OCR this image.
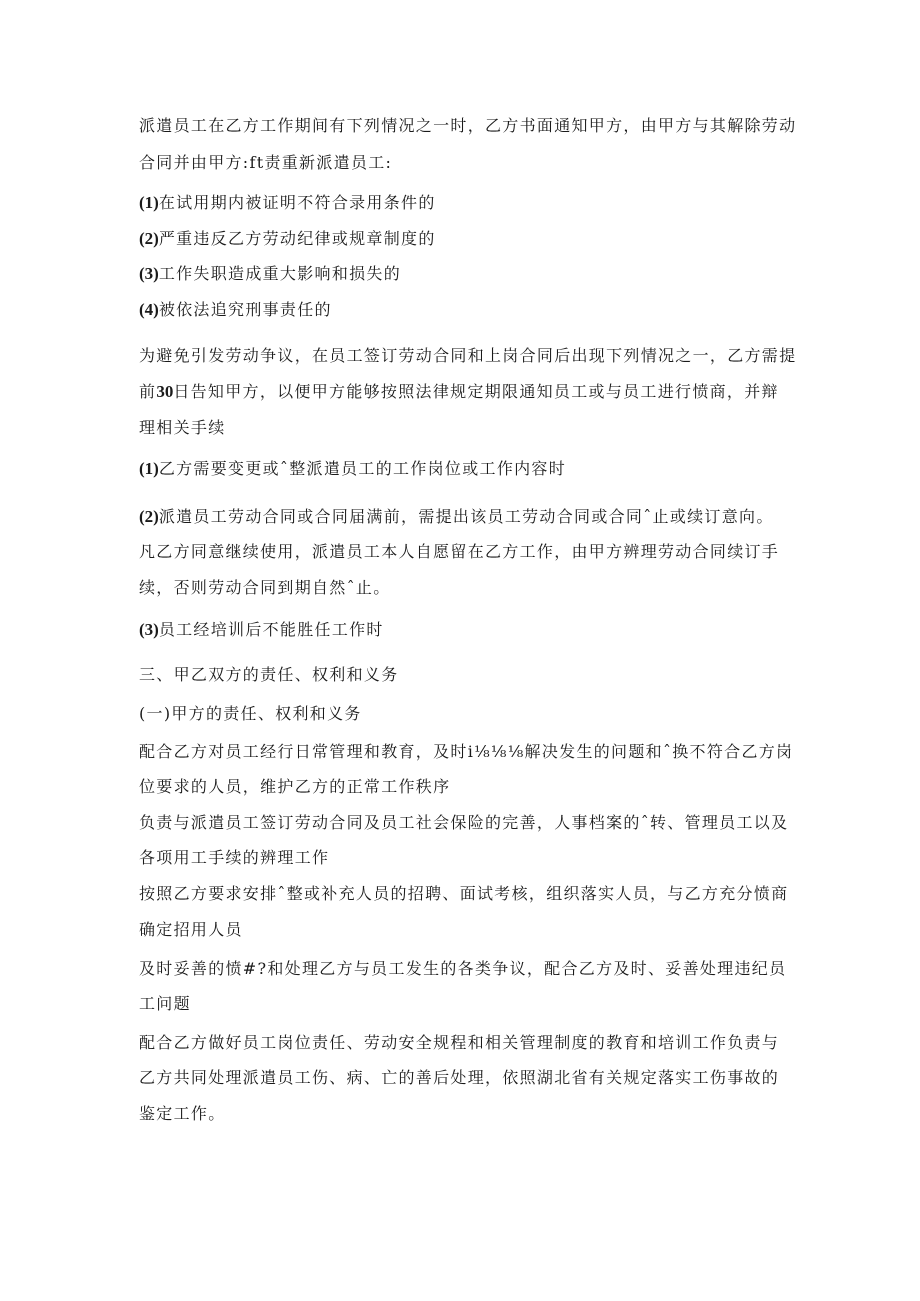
派遣员工在乙方工作期间有下列情况之一时，乙方书面通知甲方，由甲方与其解除劳动
合同并由甲方:ft责重新派遣员工:
(1)在试用期内被证明不符合录用条件的
(2)严重违反乙方劳动纪律或规章制度的
(3)工作失职造成重大影响和损失的
(4)被依法追究刑事责任的
为避免引发劳动争议，在员工签订劳动合同和上岗合同后出现下列情况之一，乙方需提
前30日告知甲方，以便甲方能够按照法律规定期限通知员工或与员工进行愤商，并辩
理相关手续
(1)乙方需要变更或ˆ整派遣员工的工作岗位或工作内容时
(2)派遣员工劳动合同或合同届满前，需提出该员工劳动合同或合同ˆ止或续订意向。
凡乙方同意继续使用，派遣员工本人自愿留在乙方工作，由甲方辨理劳动合同续订手
续，否则劳动合同到期自然ˆ止。
(3)员工经培训后不能胜任工作时
三、甲乙双方的责任、权利和义务
(一)甲方的责任、权利和义务
配合乙方对员工经行日常管理和教育，及时i⅛⅛⅛解决发生的问题和ˆ换不符合乙方岗
位要求的人员，维护乙方的正常工作秩序
负责与派遣员工签订劳动合同及员工社会保险的完善，人事档案的ˆ转、管理员工以及
各项用工手续的辨理工作
按照乙方要求安排ˆ整或补充人员的招聘、面试考核，组织落实人员，与乙方充分愤商
确定招用人员
及时妥善的愤#?和处理乙方与员工发生的各类争议，配合乙方及时、妥善处理违纪员
工问题
配合乙方做好员工岗位责任、劳动安全规程和相关管理制度的教育和培训工作负责与
乙方共同处理派遣员工伤、病、亡的善后处理，依照湖北省有关规定落实工伤事故的
鉴定工作。
